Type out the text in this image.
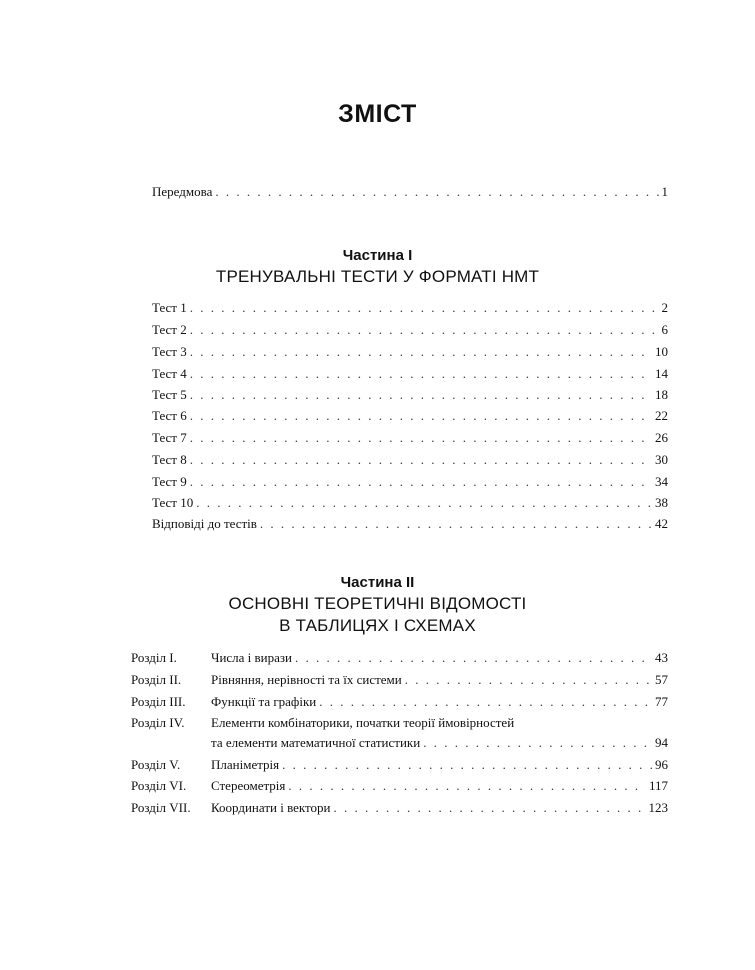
ЗМІСТ
Передмова . . .	1
Частина І
ТРЕНУВАЛЬНІ ТЕСТИ У ФОРМАТІ НМТ
Тест 1 . . .	2
Тест 2 . . .	6
Тест 3 . . .	10
Тест 4 . . .	14
Тест 5 . . .	18
Тест 6 . . .	22
Тест 7 . . .	26
Тест 8 . . .	30
Тест 9 . . .	34
Тест 10 . . .	38
Відповіді до тестів . . .	42
Частина ІІ
ОСНОВНІ ТЕОРЕТИЧНІ ВІДОМОСТІ
В ТАБЛИЦЯХ І СХЕМАХ
Розділ І.	Числа і вирази . . .	43
Розділ ІІ. Рівняння, нерівності та їх системи . . .	57
Розділ ІІІ. Функції та графіки . . .	77
Розділ IV. Елементи комбінаторики, початки теорії ймовірностей
та елементи математичної статистики . . .	94
Розділ V. Планіметрія . . .	96
Розділ VI. Стереометрія . . .	117
Розділ VII. Координати і вектори . . .	123
